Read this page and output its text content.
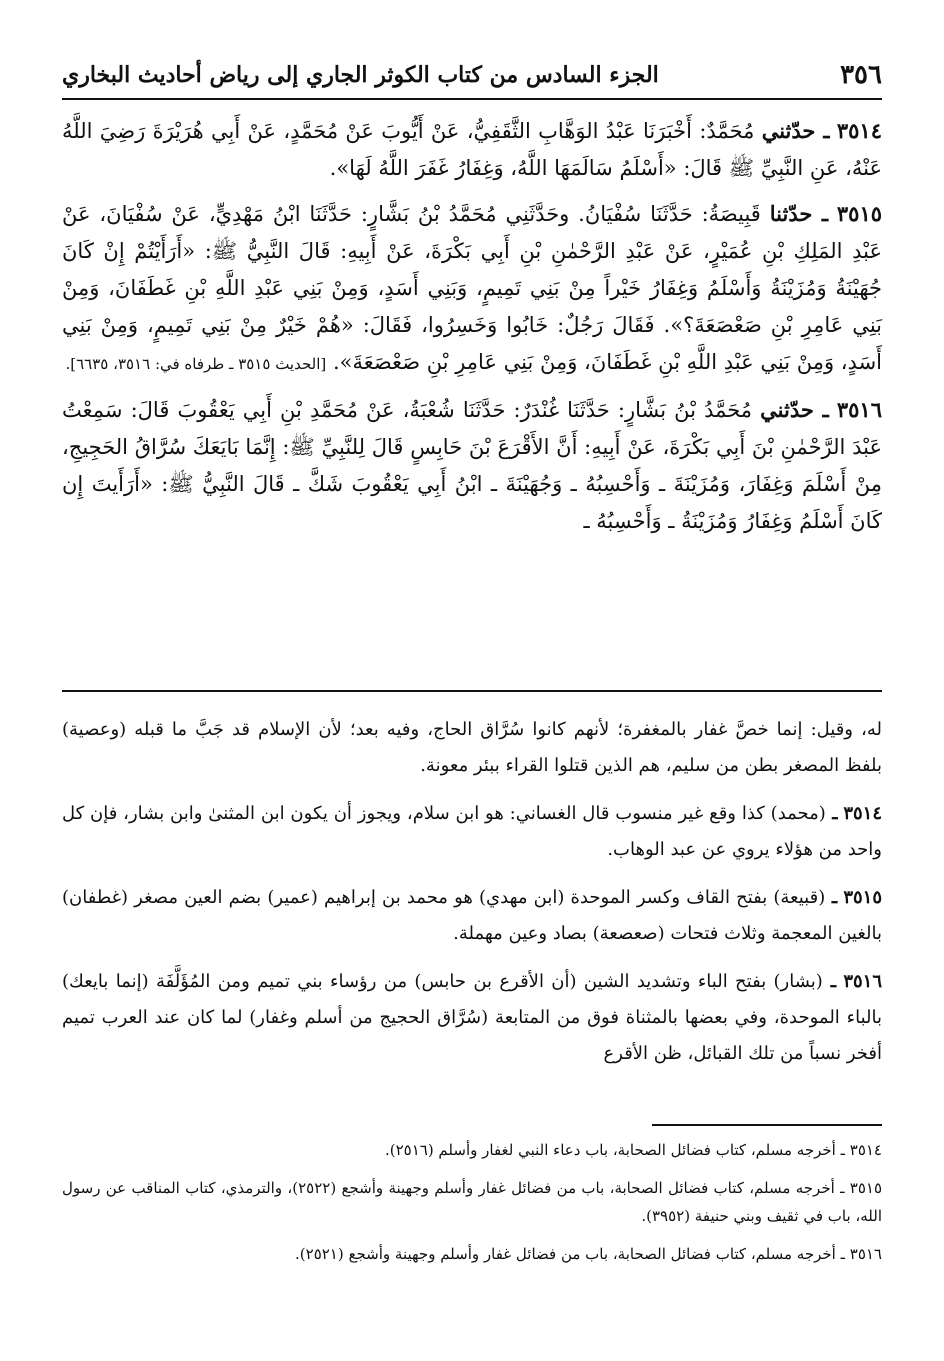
٣٥٦
الجزء السادس من كتاب الكوثر الجاري إلى رياض أحاديث البخاري

٣٥١٤ ـ حدّثني مُحَمَّدٌ: أَخْبَرَنَا عَبْدُ الوَهَّابِ الثَّقَفِيُّ، عَنْ أَيُّوبَ عَنْ مُحَمَّدٍ، عَنْ أَبِي هُرَيْرَةَ رَضِيَ اللَّهُ عَنْهُ، عَنِ النَّبِيِّ ﷺ قَالَ: «أَسْلَمُ سَالَمَهَا اللَّهُ، وَغِفَارُ غَفَرَ اللَّهُ لَهَا».

٣٥١٥ ـ حدّثنا قَبِيصَةُ: حَدَّثَنَا سُفْيَانُ. وحَدَّثَنِي مُحَمَّدُ بْنُ بَشَّارٍ: حَدَّثَنَا ابْنُ مَهْدِيٍّ، عَنْ سُفْيَانَ، عَنْ عَبْدِ المَلِكِ بْنِ عُمَيْرٍ، عَنْ عَبْدِ الرَّحْمٰنِ بْنِ أَبِي بَكْرَةَ، عَنْ أَبِيهِ: قَالَ النَّبِيُّ ﷺ: «أَرَأَيْتُمْ إِنْ كَانَ جُهَيْنَةُ وَمُزَيْنَةُ وَأَسْلَمُ وَغِفَارُ خَيْراً مِنْ بَنِي تَمِيمٍ، وَبَنِي أَسَدٍ، وَمِنْ بَنِي عَبْدِ اللَّهِ بْنِ غَطَفَانَ، وَمِنْ بَنِي عَامِرِ بْنِ صَعْصَعَةَ؟». فَقَالَ رَجُلٌ: خَابُوا وَخَسِرُوا، فَقَالَ: «هُمْ خَيْرٌ مِنْ بَنِي تَمِيمٍ، وَمِنْ بَنِي أَسَدٍ، وَمِنْ بَنِي عَبْدِ اللَّهِ بْنِ غَطَفَانَ، وَمِنْ بَنِي عَامِرِ بْنِ صَعْصَعَةَ». [الحديث ٣٥١٥ ـ طرفاه في: ٣٥١٦، ٦٦٣٥].

٣٥١٦ ـ حدّثني مُحَمَّدُ بْنُ بَشَّارٍ: حَدَّثَنَا غُنْدَرٌ: حَدَّثَنَا شُعْبَةُ، عَنْ مُحَمَّدِ بْنِ أَبِي يَعْقُوبَ قَالَ: سَمِعْتُ عَبْدَ الرَّحْمٰنِ بْنَ أَبِي بَكْرَةَ، عَنْ أَبِيهِ: أَنَّ الأَقْرَعَ بْنَ حَابِسٍ قَالَ لِلنَّبِيِّ ﷺ: إِنَّمَا بَايَعَكَ سُرَّاقُ الحَجِيجِ، مِنْ أَسْلَمَ وَغِفَارَ، وَمُزَيْنَةَ ـ وَأَحْسِبُهُ ـ وَجُهَيْنَةَ ـ ابْنُ أَبِي يَعْقُوبَ شَكَّ ـ قَالَ النَّبِيُّ ﷺ: «أَرَأَيتَ إِن كَانَ أَسْلَمُ وَغِفَارُ وَمُزَيْنَةُ ـ وَأَحْسِبُهُ ـ

له، وقيل: إنما خصَّ غفار بالمغفرة؛ لأنهم كانوا سُرَّاق الحاج، وفيه بعد؛ لأن الإسلام قد جَبَّ ما قبله (وعصية) بلفظ المصغر بطن من سليم، هم الذين قتلوا القراء ببئر معونة.

٣٥١٤ ـ (محمد) كذا وقع غير منسوب قال الغساني: هو ابن سلام، ويجوز أن يكون ابن المثنىٰ وابن بشار، فإن كل واحد من هؤلاء يروي عن عبد الوهاب.

٣٥١٥ ـ (قبيعة) بفتح القاف وكسر الموحدة (ابن مهدي) هو محمد بن إبراهيم (عمير) بضم العين مصغر (غطفان) بالغين المعجمة وثلاث فتحات (صعصعة) بصاد وعين مهملة.

٣٥١٦ ـ (بشار) بفتح الباء وتشديد الشين (أن الأقرع بن حابس) من رؤساء بني تميم ومن المُؤَلَّفَة (إنما بايعك) بالباء الموحدة، وفي بعضها بالمثناة فوق من المتابعة (سُرَّاق الحجيج من أسلم وغفار) لما كان عند العرب تميم أفخر نسباً من تلك القبائل، ظن الأقرع

٣٥١٤ ـ أخرجه مسلم، كتاب فضائل الصحابة، باب دعاء النبي لغفار وأسلم (٢٥١٦).

٣٥١٥ ـ أخرجه مسلم، كتاب فضائل الصحابة، باب من فضائل غفار وأسلم وجهينة وأشجع (٢٥٢٢)، والترمذي، كتاب المناقب عن رسول الله، باب في ثقيف وبني حنيفة (٣٩٥٢).

٣٥١٦ ـ أخرجه مسلم، كتاب فضائل الصحابة، باب من فضائل غفار وأسلم وجهينة وأشجع (٢٥٢١).
